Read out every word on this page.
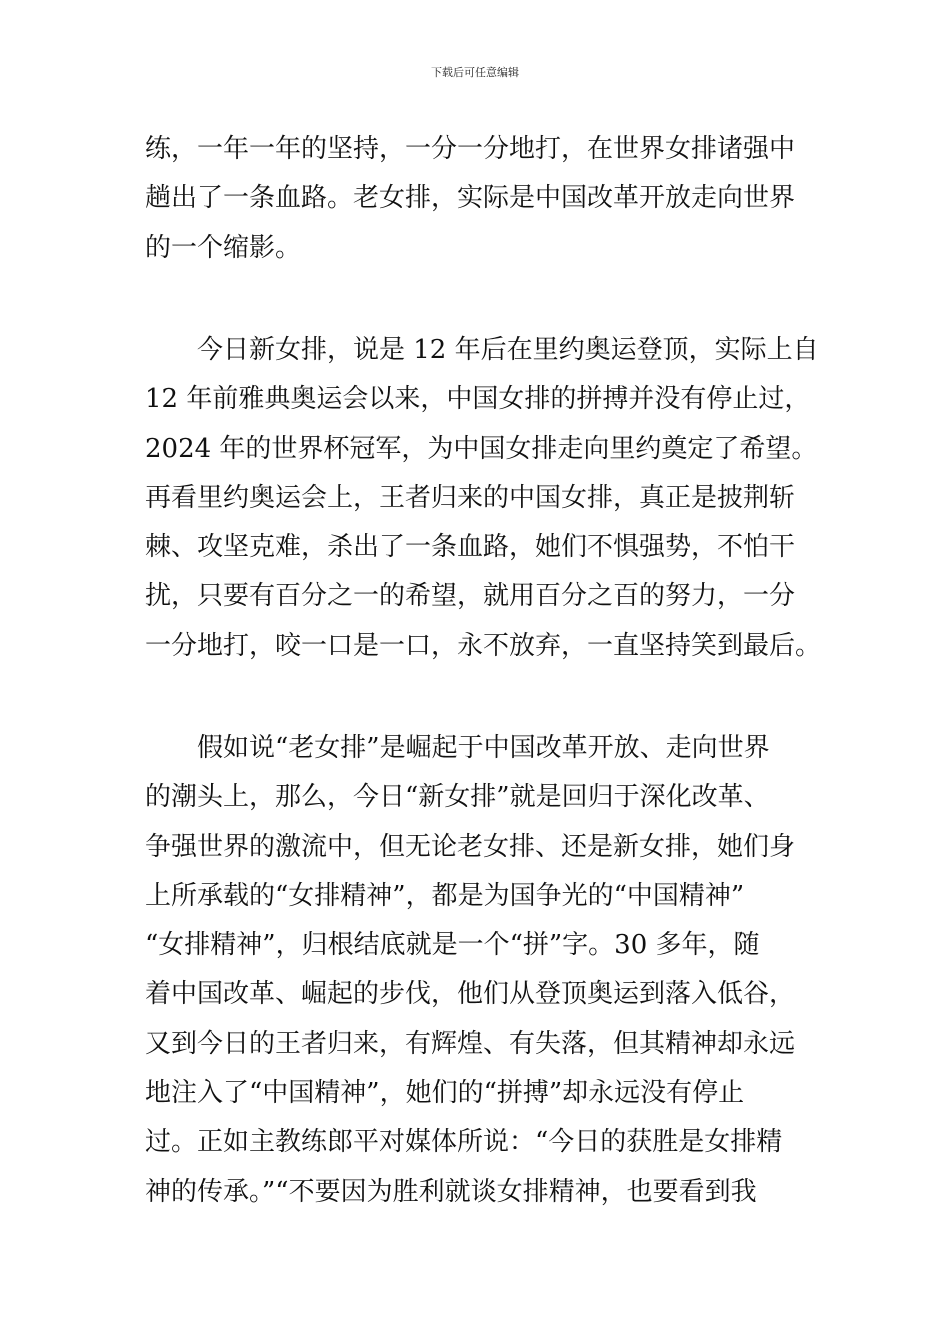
下载后可任意编辑

练，一年一年的坚持，一分一分地打，在世界女排诸强中
趟出了一条血路。老女排，实际是中国改革开放走向世界
的一个缩影。

今日新女排，说是 12 年后在里约奥运登顶，实际上自
12 年前雅典奥运会以来，中国女排的拼搏并没有停止过，
2024 年的世界杯冠军，为中国女排走向里约奠定了希望。
再看里约奥运会上，王者归来的中国女排，真正是披荆斩
棘、攻坚克难，杀出了一条血路，她们不惧强势，不怕干
扰，只要有百分之一的希望，就用百分之百的努力，一分
一分地打，咬一口是一口，永不放弃，一直坚持笑到最后。

假如说“老女排”是崛起于中国改革开放、走向世界
的潮头上，那么，今日“新女排”就是回归于深化改革、
争强世界的激流中，但无论老女排、还是新女排，她们身
上所承载的“女排精神”，都是为国争光的“中国精神”
“女排精神”，归根结底就是一个“拼”字。30 多年，随
着中国改革、崛起的步伐，他们从登顶奥运到落入低谷，
又到今日的王者归来，有辉煌、有失落，但其精神却永远
地注入了“中国精神”，她们的“拼搏”却永远没有停止
过。正如主教练郎平对媒体所说：“今日的获胜是女排精
神的传承。”“不要因为胜利就谈女排精神，也要看到我
